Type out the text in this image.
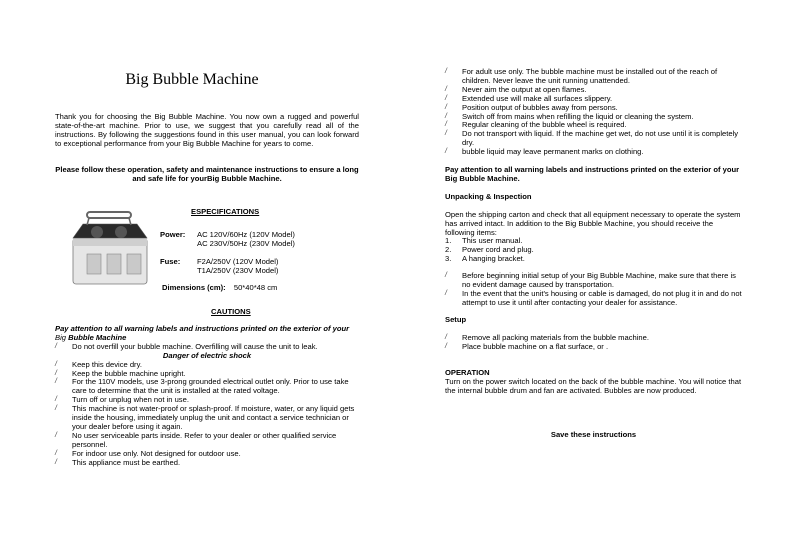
Big Bubble Machine
Thank you for choosing the Big Bubble Machine. You now own a rugged and powerful state-of-the-art machine. Prior to use, we suggest that you carefully read all of the instructions. By following the suggestions found in this user manual, you can look forward to exceptional performance from your Big Bubble Machine for years to come.
Please follow these operation, safety and maintenance instructions to ensure a long and safe life for yourBig Bubble Machine.
ESPECIFICATIONS
Power: AC 120V/60Hz (120V Model)
AC 230V/50Hz (230V Model)
Fuse: F2A/250V (120V Model)
T1A/250V (230V Model)
Dimensions (cm): 50*40*48 cm
CAUTIONS
Pay attention to all warning labels and instructions printed on the exterior of your
Big Bubble Machine
/ Do not overfill your bubble machine. Overfilling will cause the unit to leak.
Danger of electric shock
/ Keep this device dry.
/ Keep the bubble machine upright.
/ For the 110V models, use 3-prong grounded electrical outlet only. Prior to use take care to determine that the unit is installed at the rated voltage.
/ Turn off or unplug when not in use.
/ This machine is not water-proof or splash-proof. If moisture, water, or any liquid gets inside the housing, immediately unplug the unit and contact a service technician or your dealer before using it again.
/ No user serviceable parts inside. Refer to your dealer or other qualified service personnel.
/ For indoor use only. Not designed for outdoor use.
/ This appliance must be earthed.
/ For adult use only. The bubble machine must be installed out of the reach of children. Never leave the unit running unattended.
/ Never aim the output at open flames.
/ Extended use will make all surfaces slippery.
/ Position output of bubbles away from persons.
/ Switch off from mains when refilling the liquid or cleaning the system.
/ Regular cleaning of the bubble wheel is required.
/ Do not transport with liquid. If the machine get wet, do not use until it is completely dry.
/ bubble liquid may leave permanent marks on clothing.
Pay attention to all warning labels and instructions printed on the exterior of your Big Bubble Machine.
Unpacking & Inspection
Open the shipping carton and check that all equipment necessary to operate the system has arrived intact. In addition to the Big Bubble Machine, you should receive the following items:
1. This user manual.
2. Power cord and plug.
3. A hanging bracket.
/ Before beginning initial setup of your Big Bubble Machine, make sure that there is no evident damage caused by transportation.
/ In the event that the unit's housing or cable is damaged, do not plug it in and do not attempt to use it until after contacting your dealer for assistance.
Setup
/ Remove all packing materials from the bubble machine.
/ Place bubble machine on a flat surface, or .
OPERATION
Turn on the power switch located on the back of the bubble machine. You will notice that the internal bubble drum and fan are activated. Bubbles are now produced.
Save these instructions
